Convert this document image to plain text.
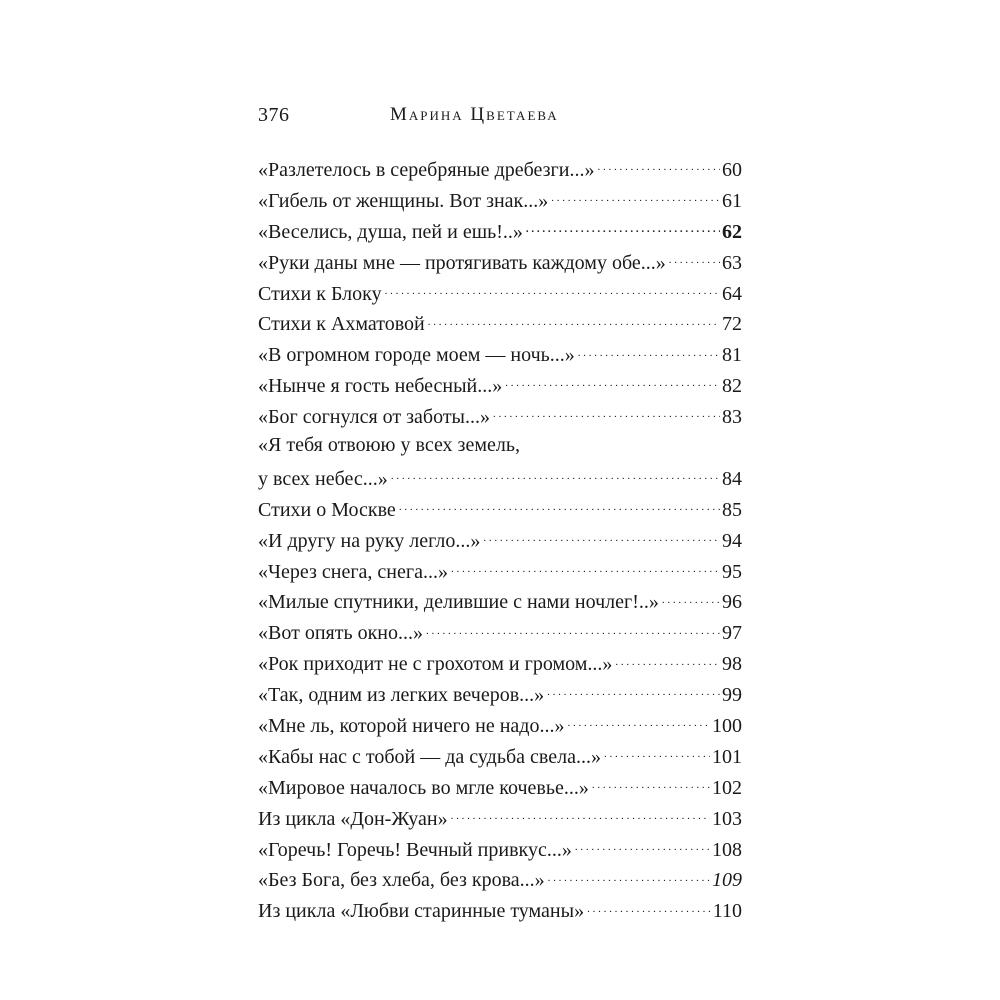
376	Марина Цветаева
«Разлетелось в серебряные дребезги...» . . .	60
«Гибель от женщины. Вот знак...» . . .	61
«Веселись, душа, пей и ешь!..» . . .	62
«Руки даны мне — протягивать каждому обе...» . . .	63
Стихи к Блоку . . .	64
Стихи к Ахматовой . . .	72
«В огромном городе моем — ночь...» . . .	81
«Нынче я гость небесный...» . . .	82
«Бог согнулся от заботы...» . . .	83
«Я тебя отвоюю у всех земель,
у всех небес...» . . .	84
Стихи о Москве . . .	85
«И другу на руку легло...» . . .	94
«Через снега, снега...» . . .	95
«Милые спутники, делившие с нами ночлег!..» . . .	96
«Вот опять окно...» . . .	97
«Рок приходит не с грохотом и громом...» . . .	98
«Так, одним из легких вечеров...» . . .	99
«Мне ль, которой ничего не надо...» . . .	100
«Кабы нас с тобой — да судьба свела...» . . .	101
«Мировое началось во мгле кочевье...» . . .	102
Из цикла «Дон-Жуан» . . .	103
«Горечь! Горечь! Вечный привкус...» . . .	108
«Без Бога, без хлеба, без крова...» . . .	109
Из цикла «Любви старинные туманы» . . .	110
